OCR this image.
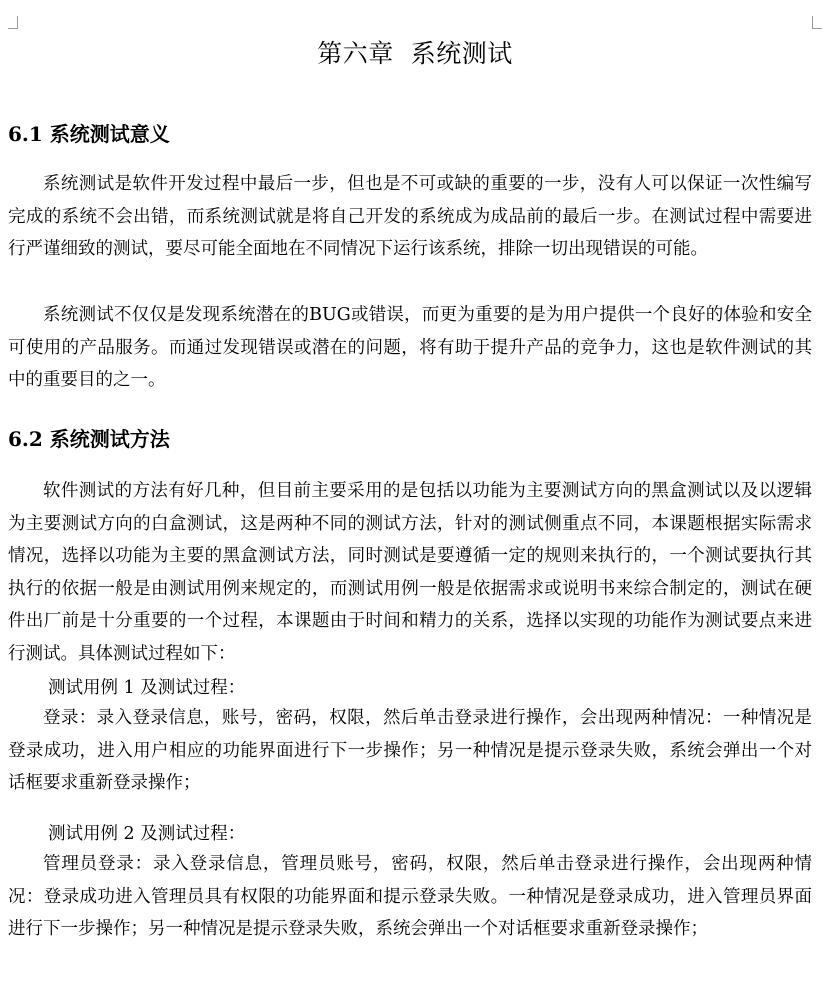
第六章  系统测试
6.1 系统测试意义

系统测试是软件开发过程中最后一步，但也是不可或缺的重要的一步，没有人可以保证一次性编写完成的系统不会出错，而系统测试就是将自己开发的系统成为成品前的最后一步。在测试过程中需要进行严谨细致的测试，要尽可能全面地在不同情况下运行该系统，排除一切出现错误的可能。

系统测试不仅仅是发现系统潜在的BUG或错误，而更为重要的是为用户提供一个良好的体验和安全可使用的产品服务。而通过发现错误或潜在的问题，将有助于提升产品的竞争力，这也是软件测试的其中的重要目的之一。

6.2 系统测试方法

软件测试的方法有好几种，但目前主要采用的是包括以功能为主要测试方向的黑盒测试以及以逻辑为主要测试方向的白盒测试，这是两种不同的测试方法，针对的测试侧重点不同，本课题根据实际需求情况，选择以功能为主要的黑盒测试方法，同时测试是要遵循一定的规则来执行的，一个测试要执行其执行的依据一般是由测试用例来规定的，而测试用例一般是依据需求或说明书来综合制定的，测试在硬件出厂前是十分重要的一个过程，本课题由于时间和精力的关系，选择以实现的功能作为测试要点来进行测试。具体测试过程如下：

测试用例 1 及测试过程：

登录：录入登录信息，账号，密码，权限，然后单击登录进行操作，会出现两种情况：一种情况是登录成功，进入用户相应的功能界面进行下一步操作；另一种情况是提示登录失败，系统会弹出一个对话框要求重新登录操作；

测试用例 2 及测试过程：

管理员登录：录入登录信息，管理员账号，密码，权限，然后单击登录进行操作，会出现两种情况：登录成功进入管理员具有权限的功能界面和提示登录失败。一种情况是登录成功，进入管理员界面进行下一步操作；另一种情况是提示登录失败，系统会弹出一个对话框要求重新登录操作；
